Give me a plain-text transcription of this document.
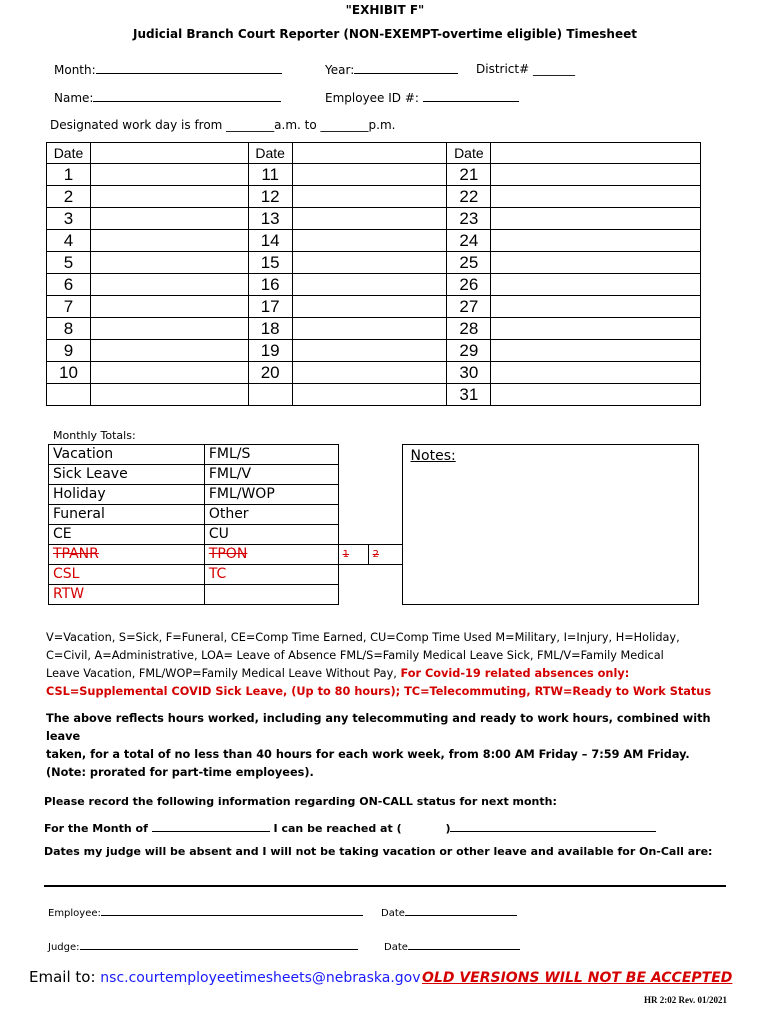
"EXHIBIT F"
Judicial Branch Court Reporter (NON-EXEMPT-overtime eligible) Timesheet
Month:	Year:	District# _______
Name:	Employee ID #:
Designated work day is from ________a.m. to ________p.m.
Date		Date		Date	
1		11		21	
2		12		22	
3		13		23	
4		14		24	
5		15		25	
6		16		26	
7		17		27	
8		18		28	
9		19		29	
10		20		30	
				31	
Monthly Totals:
Vacation	FML/S			Notes:
Sick Leave	FML/V			
Holiday	FML/WOP			
Funeral	Other			
CE	CU			
TPANR	TPON	1	2	
CSL	TC			
RTW				
V=Vacation, S=Sick, F=Funeral, CE=Comp Time Earned, CU=Comp Time Used M=Military, I=Injury, H=Holiday,
C=Civil, A=Administrative, LOA= Leave of Absence FML/S=Family Medical Leave Sick, FML/V=Family Medical
Leave Vacation, FML/WOP=Family Medical Leave Without Pay, For Covid-19 related absences only:
CSL=Supplemental COVID Sick Leave, (Up to 80 hours); TC=Telecommuting, RTW=Ready to Work Status
The above reflects hours worked, including any telecommuting and ready to work hours, combined with leave
taken, for a total of no less than 40 hours for each work week, from 8:00 AM Friday – 7:59 AM Friday.
(Note: prorated for part-time employees).
Please record the following information regarding ON-CALL status for next month:
For the Month of	I can be reached at (	)
Dates my judge will be absent and I will not be taking vacation or other leave and available for On-Call are:
Employee:	Date
Judge:	Date
Email to: nsc.courtemployeetimesheets@nebraska.gov OLD VERSIONS WILL NOT BE ACCEPTED
HR 2:02 Rev. 01/2021
